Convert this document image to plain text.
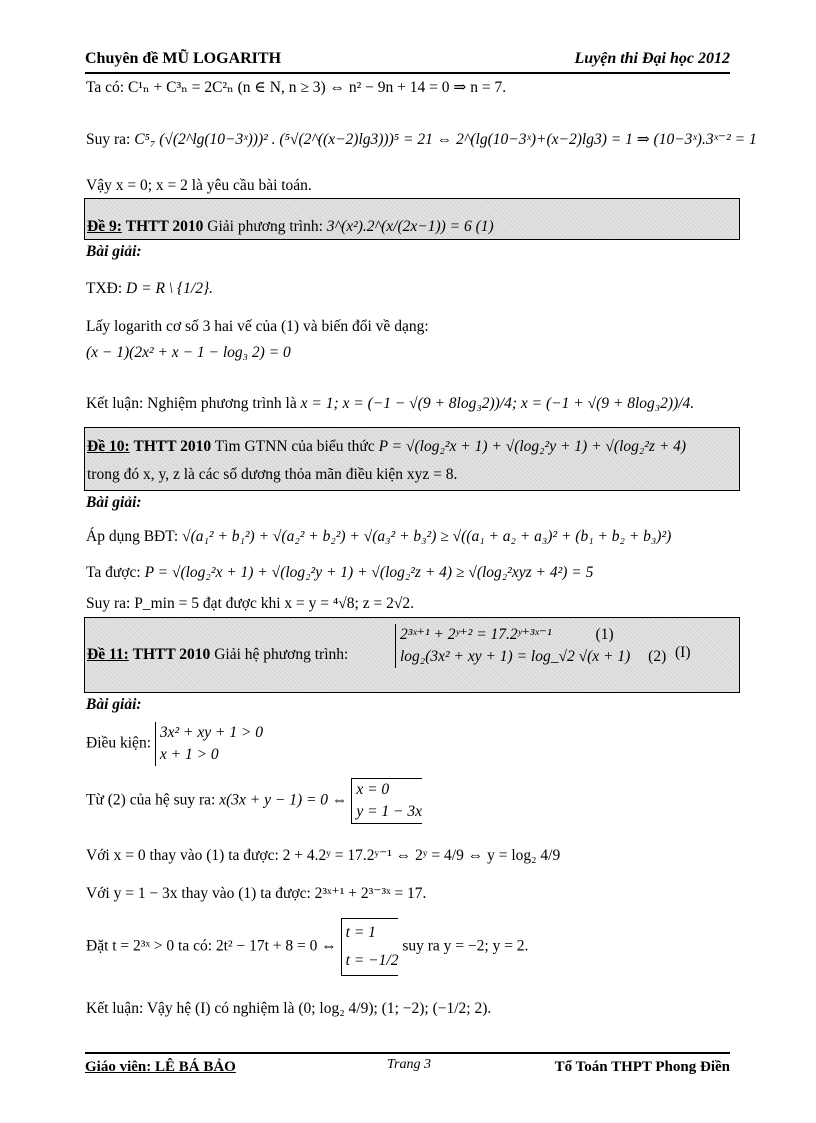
Chuyên đề MŨ LOGARITH	Luyện thi Đại học 2012
Ta có: C¹ₙ + C³ₙ = 2C²ₙ (n ∈ N, n ≥ 3) ⇔ n² − 9n + 14 = 0 ⇒ n = 7.
Suy ra: C⁵₇ (√(2^lg(10−3ˣ)))² . (⁵√(2^((x−2)lg3)))⁵ = 21 ⇔ 2^(lg(10−3ˣ)+(x−2)lg3) = 1 ⇒ (10−3ˣ).3ˣ⁻² = 1
Vậy x = 0; x = 2 là yêu cầu bài toán.
Đề 9: THTT 2010 Giải phương trình: 3^(x²).2^(x/(2x−1)) = 6 (1)
Bài giải:
TXĐ: D = R \ {1/2}.
Lấy logarith cơ số 3 hai vế của (1) và biến đổi về dạng:
(x − 1)(2x² + x − 1 − log₃ 2) = 0
Kết luận: Nghiệm phương trình là x = 1; x = (−1 − √(9 + 8log₃2))/4; x = (−1 + √(9 + 8log₃2))/4.
Đề 10: THTT 2010 Tìm GTNN của biểu thức P = √(log₂²x + 1) + √(log₂²y + 1) + √(log₂²z + 4)
trong đó x, y, z là các số dương thỏa mãn điều kiện xyz = 8.
Bài giải:
Áp dụng BĐT: √(a₁² + b₁²) + √(a₂² + b₂²) + √(a₃² + b₃²) ≥ √((a₁ + a₂ + a₃)² + (b₁ + b₂ + b₃)²)
Ta được: P = √(log₂²x + 1) + √(log₂²y + 1) + √(log₂²z + 4) ≥ √(log₂²xyz + 4²) = 5
Suy ra: P_min = 5 đạt được khi x = y = ⁴√8; z = 2√2.
Đề 11: THTT 2010 Giải hệ phương trình:
2³ˣ⁺¹ + 2ʸ⁺² = 17.2ʸ⁺³ˣ⁻¹	(1)
log₂(3x² + xy + 1) = log_√2 √(x + 1) (2) (I)
Bài giải:
Điều kiện:
3x² + xy + 1 > 0
x + 1 > 0
Từ (2) của hệ suy ra: x(3x + y − 1) = 0 ⇔
x = 0
y = 1 − 3x
Với x = 0 thay vào (1) ta được: 2 + 4.2ʸ = 17.2ʸ⁻¹ ⇔ 2ʸ = 4/9 ⇔ y = log₂ 4/9
Với y = 1 − 3x thay vào (1) ta được: 2³ˣ⁺¹ + 2³⁻³ˣ = 17.
Đặt t = 2³ˣ > 0 ta có: 2t² − 17t + 8 = 0 ⇔
t = 1
t = −1/2
suy ra y = −2; y = 2.
Kết luận: Vậy hệ (I) có nghiệm là (0; log₂ 4/9); (1; −2); (−1/2; 2).
Giáo viên: LÊ BÁ BẢO	Trang 3	Tổ Toán THPT Phong Điền
